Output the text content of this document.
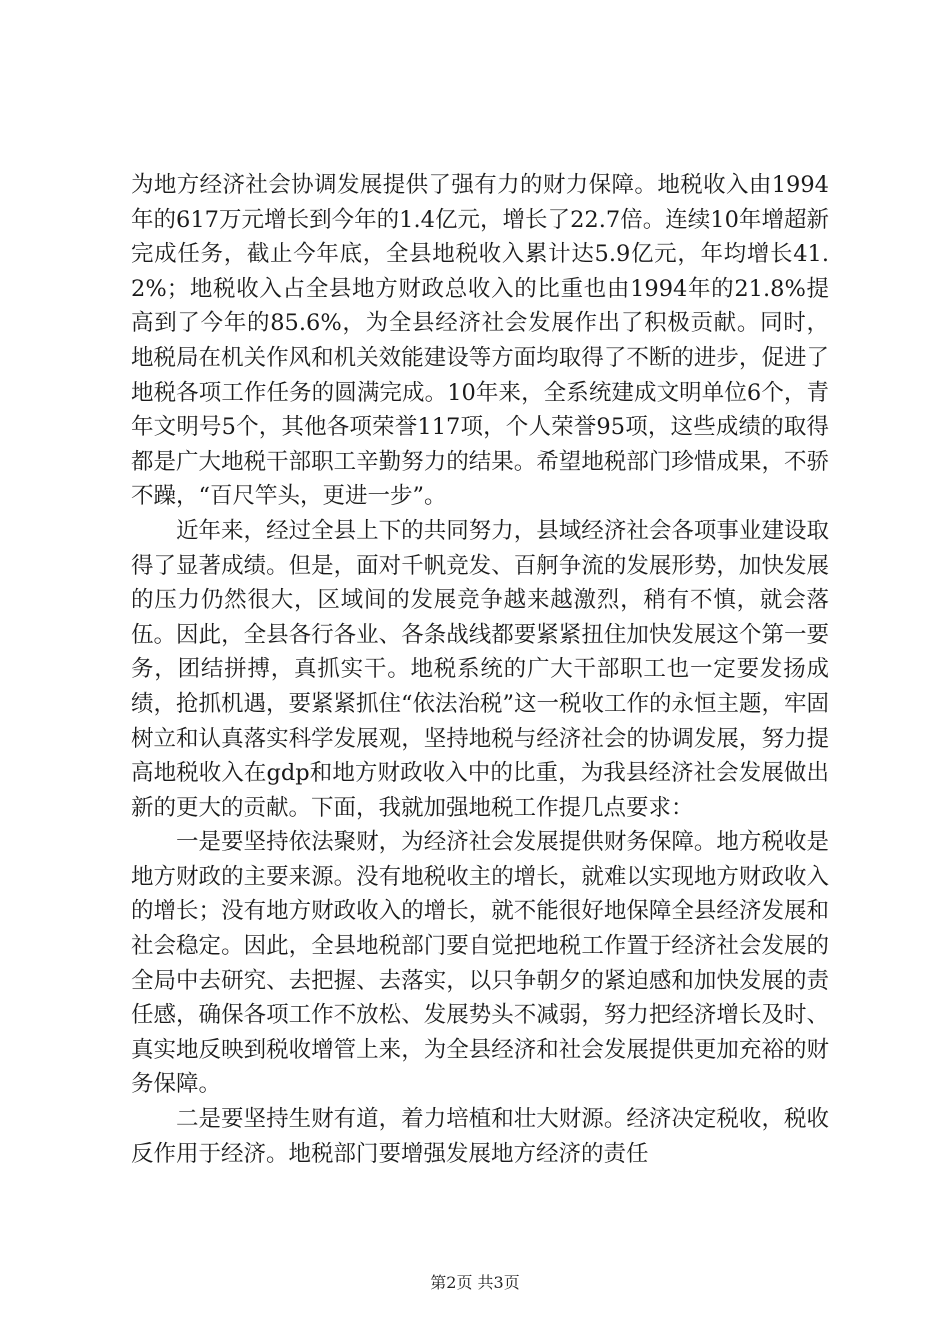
为地方经济社会协调发展提供了强有力的财力保障。地税收入由1994年的617万元增长到今年的1.4亿元，增长了22.7倍。连续10年增超新完成任务，截止今年底，全县地税收入累计达5.9亿元，年均增长41.2%；地税收入占全县地方财政总收入的比重也由1994年的21.8%提高到了今年的85.6%，为全县经济社会发展作出了积极贡献。同时，地税局在机关作风和机关效能建设等方面均取得了不断的进步，促进了地税各项工作任务的圆满完成。10年来，全系统建成文明单位6个，青年文明号5个，其他各项荣誉117项，个人荣誉95项，这些成绩的取得都是广大地税干部职工辛勤努力的结果。希望地税部门珍惜成果，不骄不躁，“百尺竿头，更进一步”。

近年来，经过全县上下的共同努力，县域经济社会各项事业建设取得了显著成绩。但是，面对千帆竞发、百舸争流的发展形势，加快发展的压力仍然很大，区域间的发展竞争越来越激烈，稍有不慎，就会落伍。因此，全县各行各业、各条战线都要紧紧扭住加快发展这个第一要务，团结拼搏，真抓实干。地税系统的广大干部职工也一定要发扬成绩，抢抓机遇，要紧紧抓住“依法治税”这一税收工作的永恒主题，牢固树立和认真落实科学发展观，坚持地税与经济社会的协调发展，努力提高地税收入在gdp和地方财政收入中的比重，为我县经济社会发展做出新的更大的贡献。下面，我就加强地税工作提几点要求：

一是要坚持依法聚财，为经济社会发展提供财务保障。地方税收是地方财政的主要来源。没有地税收主的增长，就难以实现地方财政收入的增长；没有地方财政收入的增长，就不能很好地保障全县经济发展和社会稳定。因此，全县地税部门要自觉把地税工作置于经济社会发展的全局中去研究、去把握、去落实，以只争朝夕的紧迫感和加快发展的责任感，确保各项工作不放松、发展势头不减弱，努力把经济增长及时、真实地反映到税收增管上来，为全县经济和社会发展提供更加充裕的财务保障。

二是要坚持生财有道，着力培植和壮大财源。经济决定税收，税收反作用于经济。地税部门要增强发展地方经济的责任

第2页 共3页
